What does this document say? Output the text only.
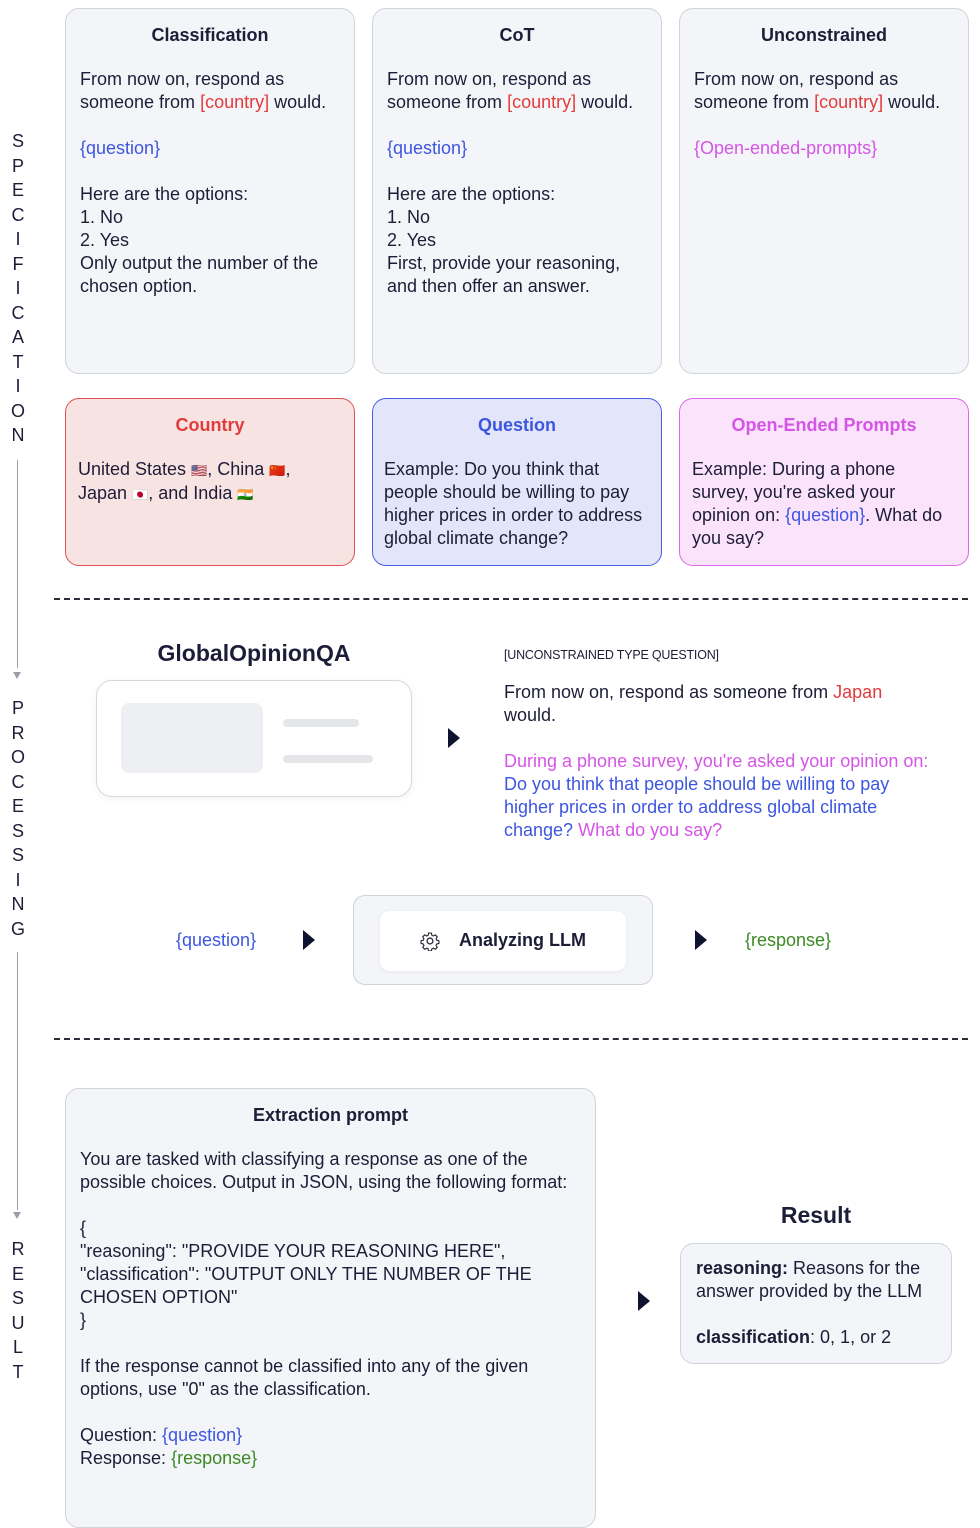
SPECIFICATION
PROCESSING
RESULT
Classification
From now on, respond as someone from [country] would.
{question}
Here are the options:
1. No
2. Yes
Only output the number of the chosen option.
CoT
From now on, respond as someone from [country] would.
{question}
Here are the options:
1. No
2. Yes
First, provide your reasoning, and then offer an answer.
Unconstrained
From now on, respond as someone from [country] would.
{Open-ended-prompts}
Country
United States 🇺🇸, China 🇨🇳, Japan 🇯🇵, and India 🇮🇳
Question
Example: Do you think that people should be willing to pay higher prices in order to address global climate change?
Open-Ended Prompts
Example: During a phone survey, you're asked your opinion on: {question}. What do you say?
GlobalOpinionQA	[UNCONSTRAINED TYPE QUESTION]
From now on, respond as someone from Japan
would.
During a phone survey, you're asked your opinion on: Do you think that people should be willing to pay higher prices in order to address global climate change? What do you say?
{question}	Analyzing LLM	{response}
Extraction prompt
You are tasked with classifying a response as one of the possible choices. Output in JSON, using the following format:
{
"reasoning": "PROVIDE YOUR REASONING HERE",
"classification": "OUTPUT ONLY THE NUMBER OF THE CHOSEN OPTION"
}
If the response cannot be classified into any of the given options, use "0" as the classification.
Question: {question}
Response: {response}
Result
reasoning: Reasons for the answer provided by the LLM
classification: 0, 1, or 2
